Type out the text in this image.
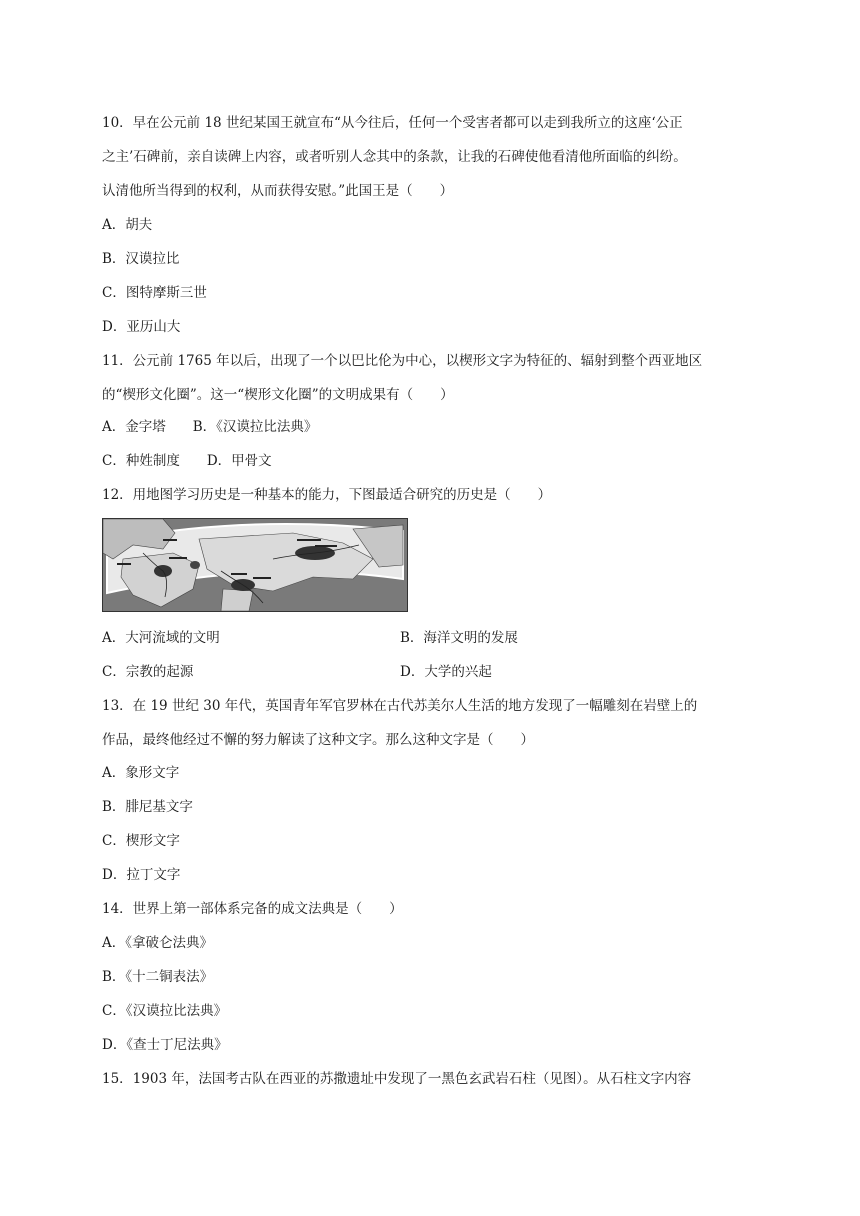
10．早在公元前 18 世纪某国王就宣布“从今往后，任何一个受害者都可以走到我所立的这座‘公正
之主’石碑前，亲自读碑上内容，或者听别人念其中的条款，让我的石碑使他看清他所面临的纠纷。
认清他所当得到的权利，从而获得安慰。”此国王是（　　）
A．胡夫
B．汉谟拉比
C．图特摩斯三世
D．亚历山大
11．公元前 1765 年以后，出现了一个以巴比伦为中心，以楔形文字为特征的、辐射到整个西亚地区
的“楔形文化圈”。这一“楔形文化圈”的文明成果有（　　）
A．金字塔　　B．《汉谟拉比法典》
C．种姓制度　　D．甲骨文
12．用地图学习历史是一种基本的能力，下图最适合研究的历史是（　　）
A．大河流域的文明	B．海洋文明的发展
C．宗教的起源	D．大学的兴起
13．在 19 世纪 30 年代，英国青年军官罗林在古代苏美尔人生活的地方发现了一幅雕刻在岩壁上的
作品，最终他经过不懈的努力解读了这种文字。那么这种文字是（　　）
A．象形文字
B．腓尼基文字
C．楔形文字
D．拉丁文字
14．世界上第一部体系完备的成文法典是（　　）
A．《拿破仑法典》
B．《十二铜表法》
C．《汉谟拉比法典》
D．《查士丁尼法典》
15．1903 年，法国考古队在西亚的苏撒遗址中发现了一黑色玄武岩石柱（见图）。从石柱文字内容
